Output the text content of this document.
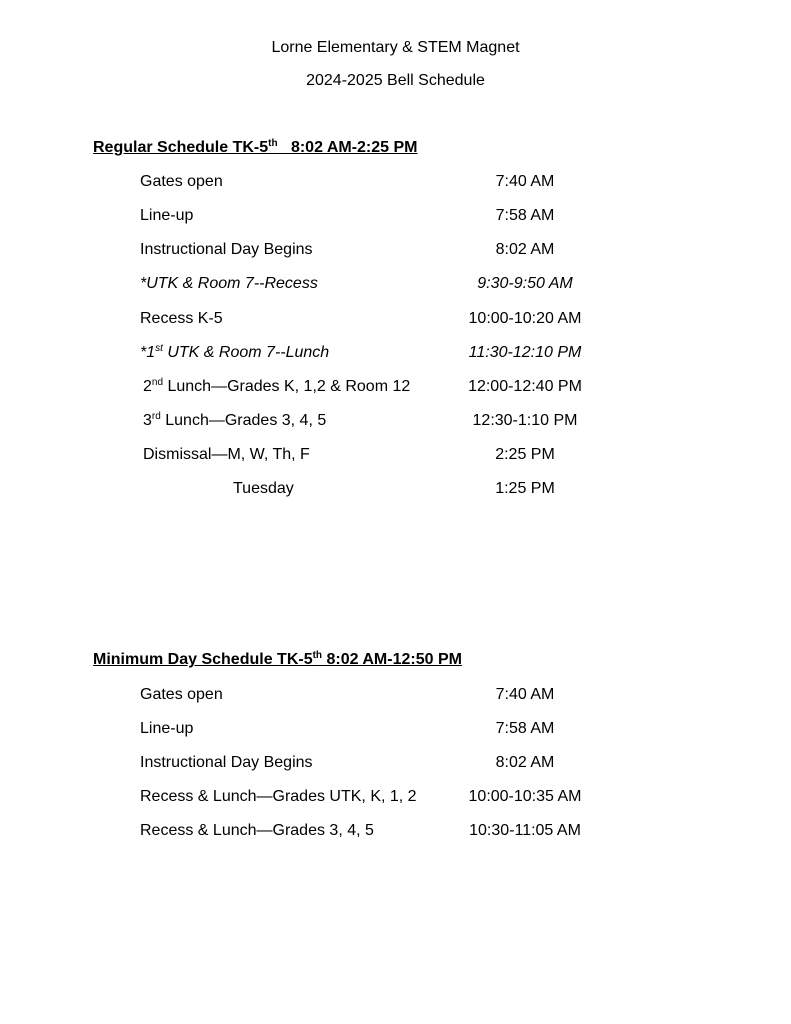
Lorne Elementary & STEM Magnet
2024-2025 Bell Schedule
Regular Schedule TK-5th   8:02 AM-2:25 PM
Gates open	7:40 AM
Line-up	7:58 AM
Instructional Day Begins	8:02 AM
*UTK & Room 7--Recess	9:30-9:50 AM
Recess K-5	10:00-10:20 AM
*1st UTK & Room 7--Lunch	11:30-12:10 PM
2nd Lunch—Grades K, 1,2 & Room 12	12:00-12:40 PM
3rd Lunch—Grades 3, 4, 5	12:30-1:10 PM
Dismissal—M, W, Th, F	2:25 PM
Tuesday	1:25 PM
Minimum Day Schedule TK-5th 8:02 AM-12:50 PM
Gates open	7:40 AM
Line-up	7:58 AM
Instructional Day Begins	8:02 AM
Recess & Lunch—Grades UTK, K, 1, 2	10:00-10:35 AM
Recess & Lunch—Grades 3, 4, 5	10:30-11:05 AM
